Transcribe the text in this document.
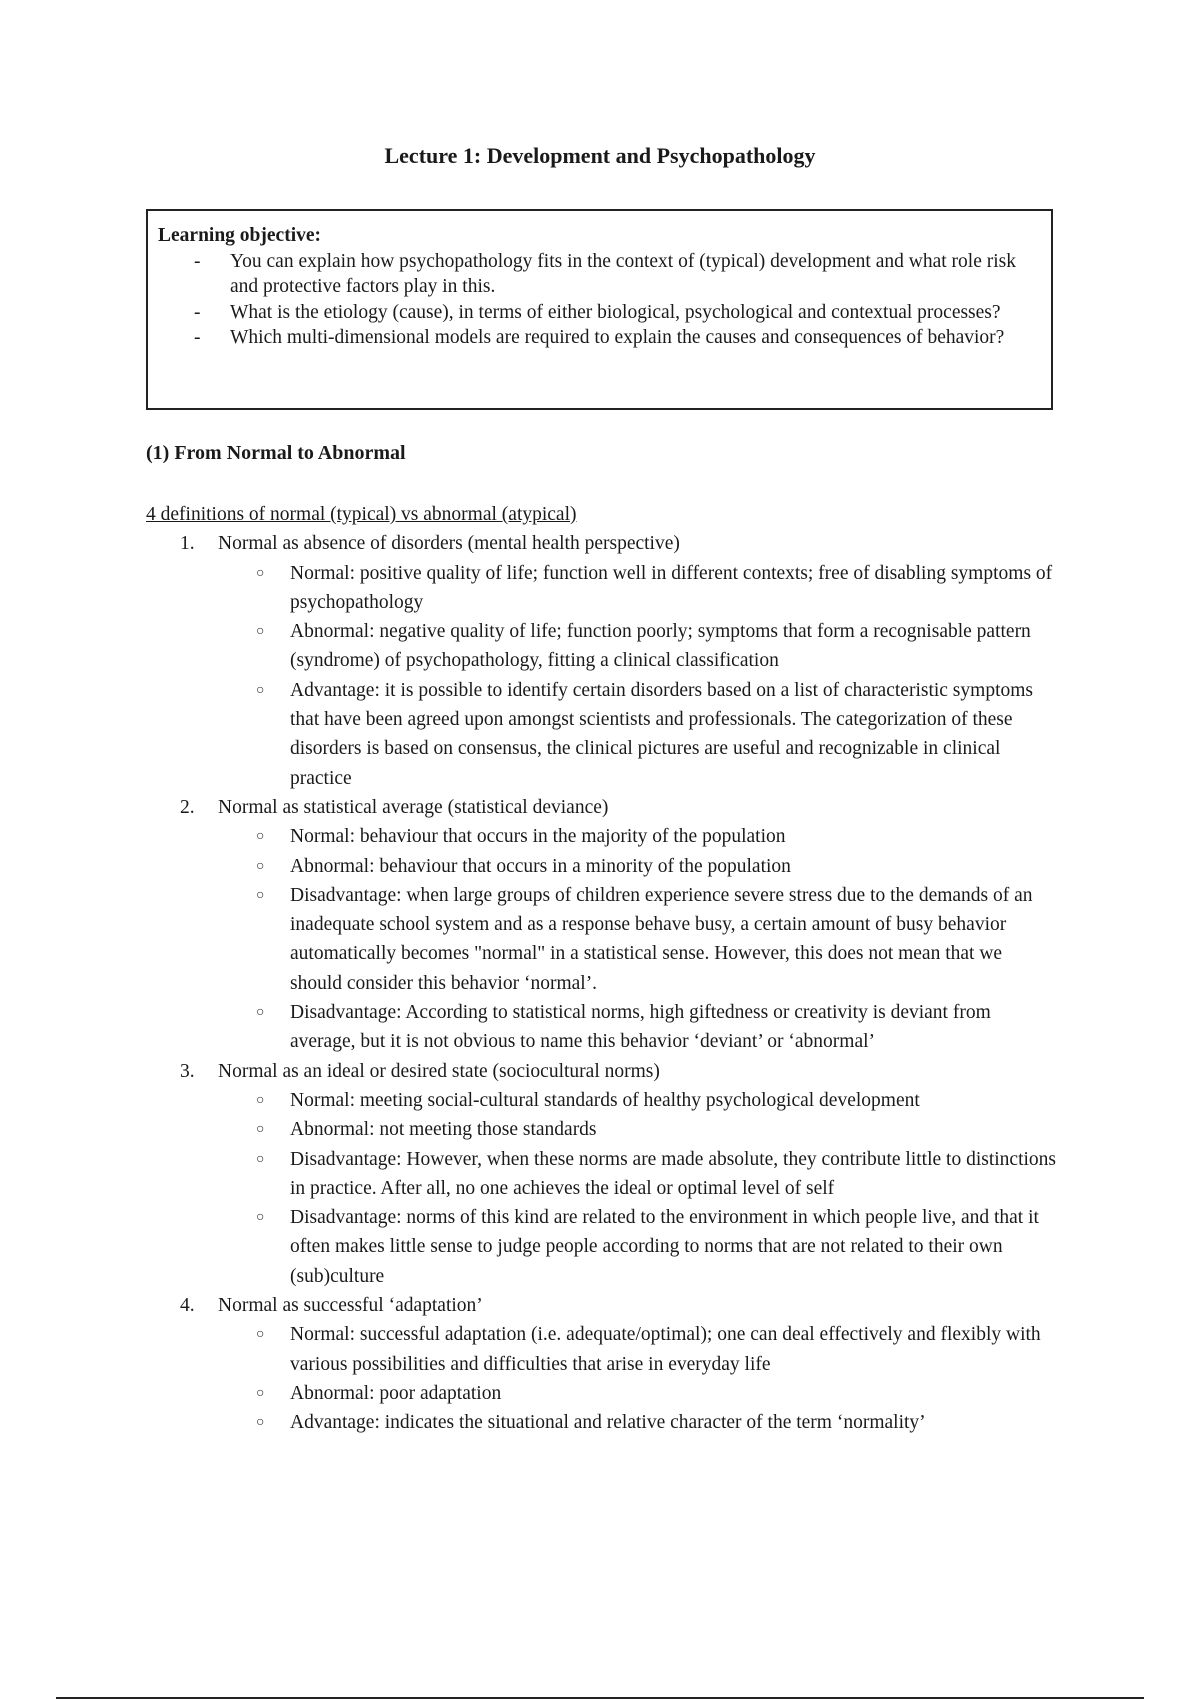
Lecture 1: Development and Psychopathology

Learning objective:

- You can explain how psychopathology fits in the context of (typical) development and what role risk and protective factors play in this.
- What is the etiology (cause), in terms of either biological, psychological and contextual processes?
- Which multi-dimensional models are required to explain the causes and consequences of behavior?
(1) From Normal to Abnormal

4 definitions of normal (typical) vs abnormal (atypical)

1. Normal as absence of disorders (mental health perspective)
○ Normal: positive quality of life; function well in different contexts; free of disabling symptoms of psychopathology
○ Abnormal: negative quality of life; function poorly; symptoms that form a recognisable pattern (syndrome) of psychopathology, fitting a clinical classification
○ Advantage: it is possible to identify certain disorders based on a list of characteristic symptoms that have been agreed upon amongst scientists and professionals. The categorization of these disorders is based on consensus, the clinical pictures are useful and recognizable in clinical practice
2. Normal as statistical average (statistical deviance)
○ Normal: behaviour that occurs in the majority of the population
○ Abnormal: behaviour that occurs in a minority of the population
○ Disadvantage: when large groups of children experience severe stress due to the demands of an inadequate school system and as a response behave busy, a certain amount of busy behavior automatically becomes "normal" in a statistical sense. However, this does not mean that we should consider this behavior ‘normal’.
○ Disadvantage: According to statistical norms, high giftedness or creativity is deviant from average, but it is not obvious to name this behavior ‘deviant’ or ‘abnormal’
3. Normal as an ideal or desired state (sociocultural norms)
○ Normal: meeting social-cultural standards of healthy psychological development
○ Abnormal: not meeting those standards
○ Disadvantage: However, when these norms are made absolute, they contribute little to distinctions in practice. After all, no one achieves the ideal or optimal level of self
○ Disadvantage: norms of this kind are related to the environment in which people live, and that it often makes little sense to judge people according to norms that are not related to their own (sub)culture
4. Normal as successful ‘adaptation’
○ Normal: successful adaptation (i.e. adequate/optimal); one can deal effectively and flexibly with various possibilities and difficulties that arise in everyday life
○ Abnormal: poor adaptation
○ Advantage: indicates the situational and relative character of the term ‘normality’
